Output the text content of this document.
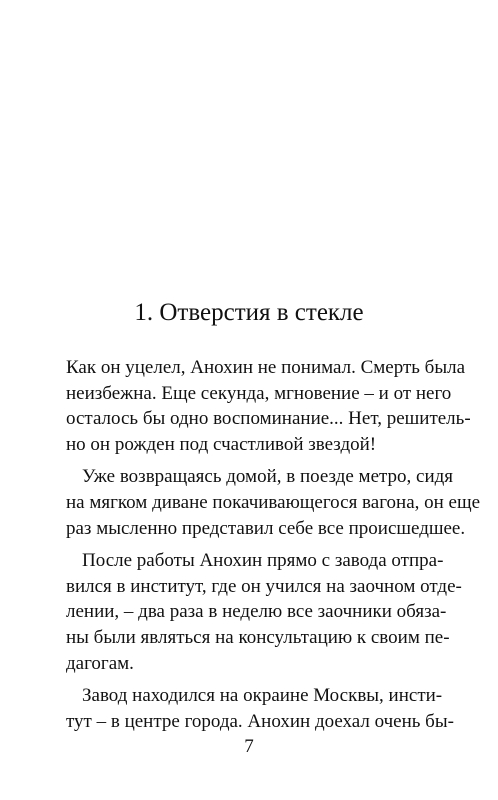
1. Отверстия в стекле
Как он уцелел, Анохин не понимал. Смерть была
неизбежна. Еще секунда, мгновение – и от него
осталось бы одно воспоминание... Нет, решитель-
но он рожден под счастливой звездой!
Уже возвращаясь домой, в поезде метро, сидя
на мягком диване покачивающегося вагона, он еще
раз мысленно представил себе все происшедшее.
После работы Анохин прямо с завода отпра-
вился в институт, где он учился на заочном отде-
лении, – два раза в неделю все заочники обяза-
ны были являться на консультацию к своим пе-
дагогам.
Завод находился на окраине Москвы, инсти-
тут – в центре города. Анохин доехал очень бы-
7
